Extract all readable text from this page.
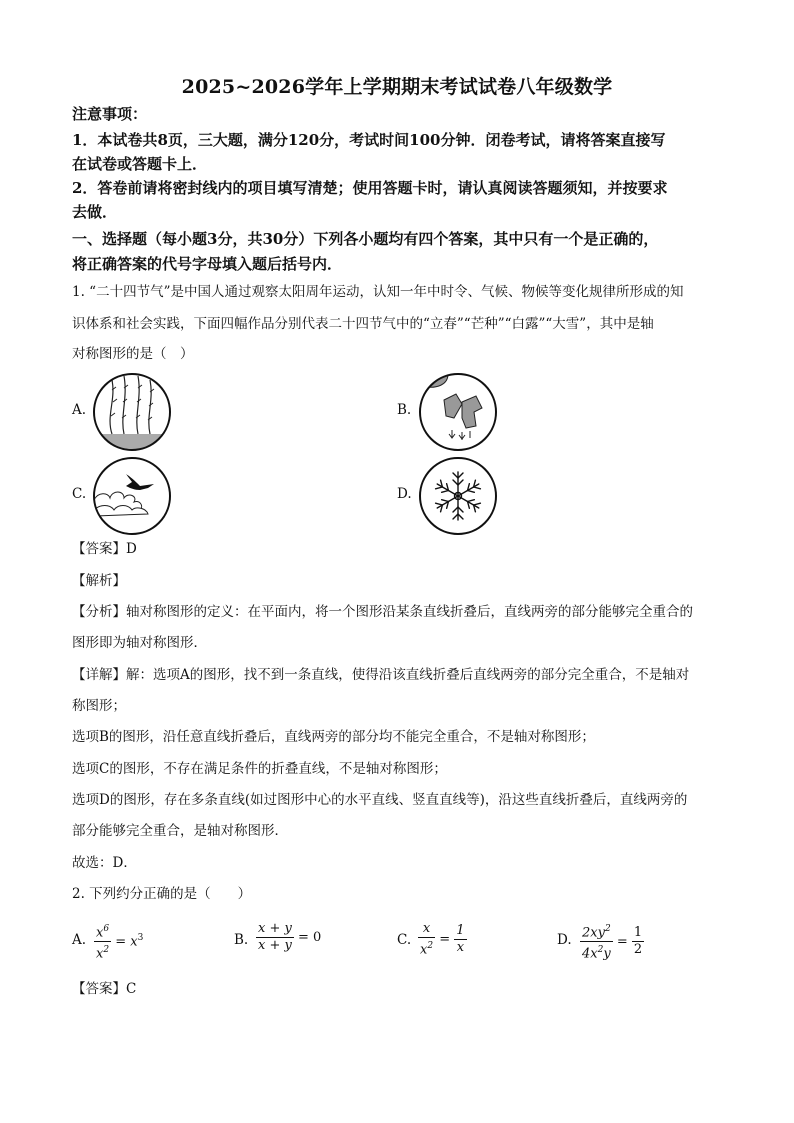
2025~2026学年上学期期末考试试卷八年级数学
注意事项：
1．本试卷共8页，三大题，满分120分，考试时间100分钟．闭卷考试，请将答案直接写
在试卷或答题卡上．
2．答卷前请将密封线内的项目填写清楚；使用答题卡时，请认真阅读答题须知，并按要求
去做．
一、选择题（每小题3分，共30分）下列各小题均有四个答案，其中只有一个是正确的，
将正确答案的代号字母填入题后括号内．
1. “二十四节气”是中国人通过观察太阳周年运动，认知一年中时令、气候、物候等变化规律所形成的知
识体系和社会实践，下面四幅作品分别代表二十四节气中的“立春”“芒种”“白露”“大雪”，其中是轴
对称图形的是（　）
A.	B.
C.	D.
【答案】D
【解析】
【分析】轴对称图形的定义：在平面内，将一个图形沿某条直线折叠后，直线两旁的部分能够完全重合的
图形即为轴对称图形．
【详解】解：选项A的图形，找不到一条直线，使得沿该直线折叠后直线两旁的部分完全重合，不是轴对
称图形；
选项B的图形，沿任意直线折叠后，直线两旁的部分均不能完全重合，不是轴对称图形；
选项C的图形，不存在满足条件的折叠直线，不是轴对称图形；
选项D的图形，存在多条直线(如过图形中心的水平直线、竖直直线等)，沿这些直线折叠后，直线两旁的
部分能够完全重合，是轴对称图形．
故选：D．
2. 下列约分正确的是（　　）
A. $\frac{x^6}{x^2} = x^3$	B. $\frac{x + y}{x + y} = 0$	C. $\frac{x}{x^2} = \frac{1}{x}$	D. $\frac{2xy^2}{4x^2y} = \frac{1}{2}$
【答案】C
